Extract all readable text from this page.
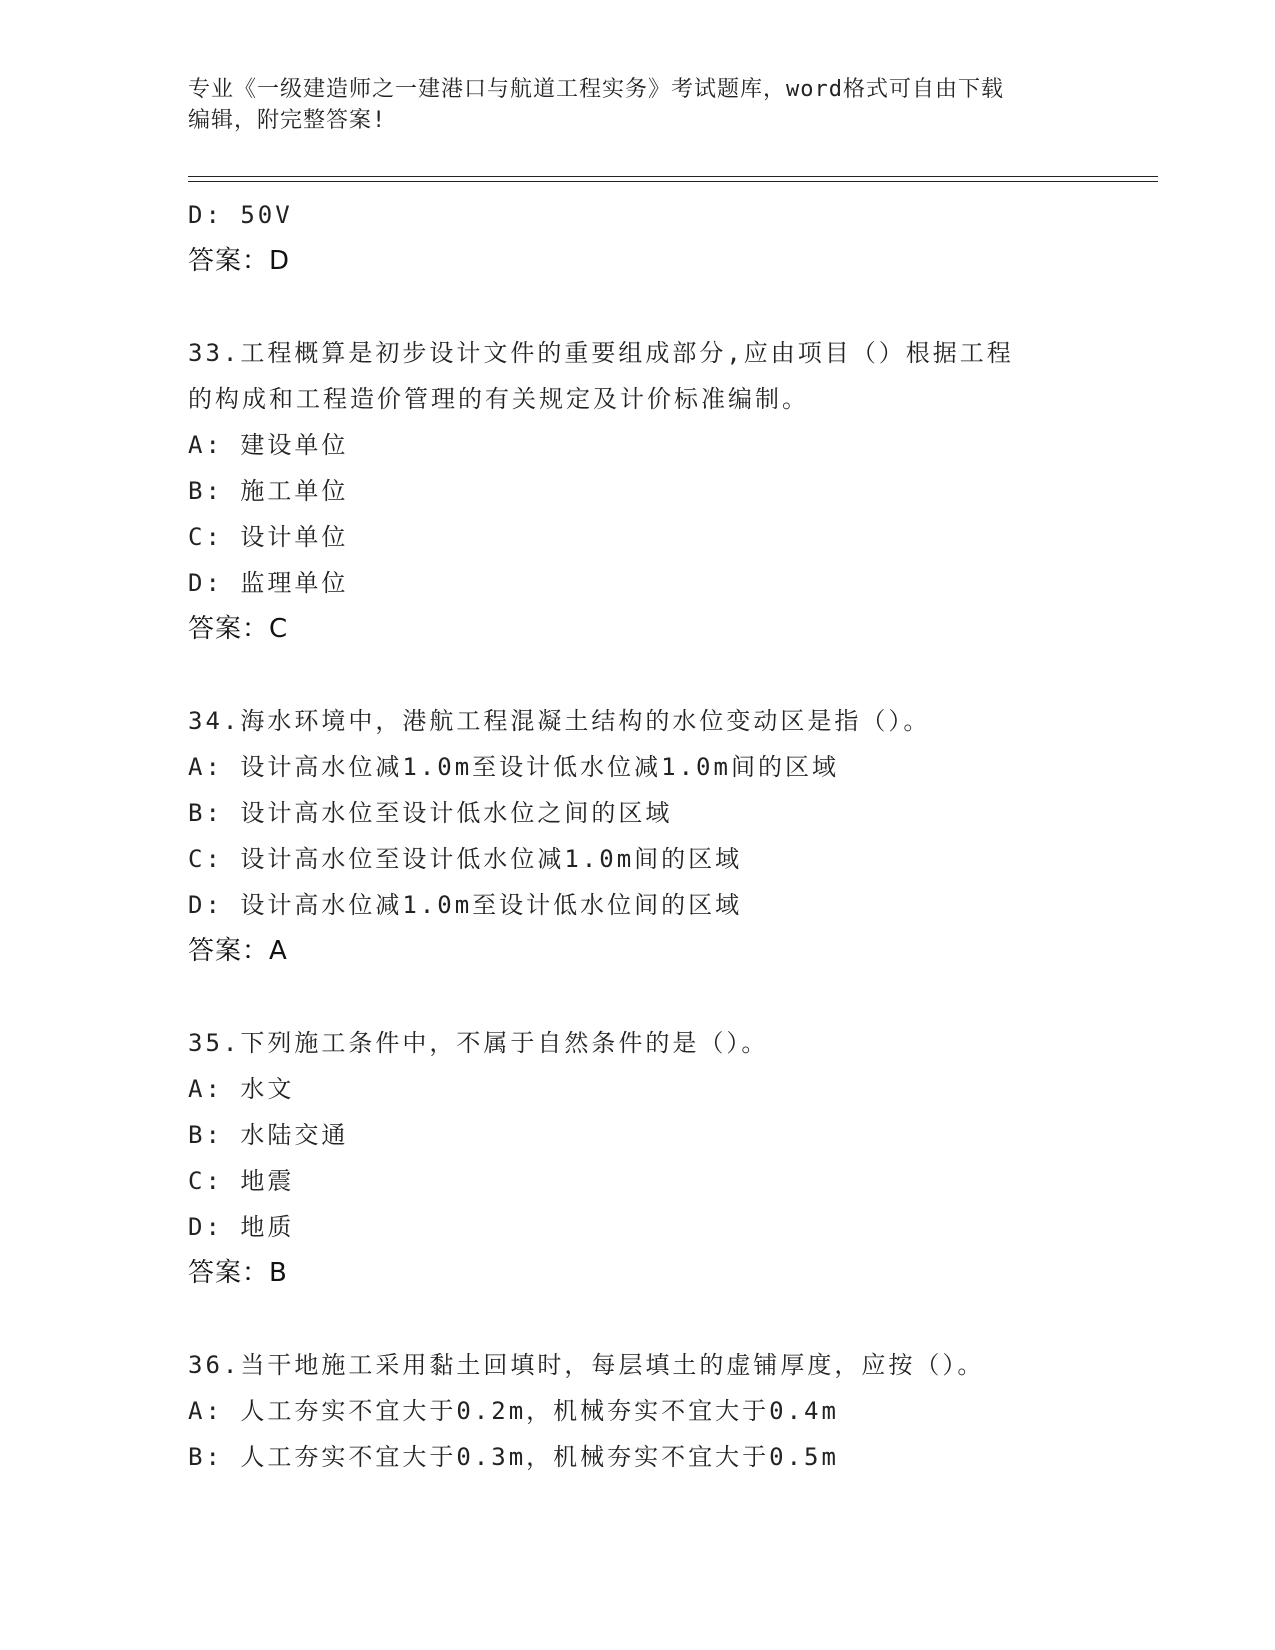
专业《一级建造师之一建港口与航道工程实务》考试题库，word格式可自由下载
编辑，附完整答案!
D: 50V
答案：D
33.工程概算是初步设计文件的重要组成部分,应由项目（）根据工程
的构成和工程造价管理的有关规定及计价标准编制。
A: 建设单位
B: 施工单位
C: 设计单位
D: 监理单位
答案：C
34.海水环境中，港航工程混凝土结构的水位变动区是指（）。
A: 设计高水位减1.0m至设计低水位减1.0m间的区域
B: 设计高水位至设计低水位之间的区域
C: 设计高水位至设计低水位减1.0m间的区域
D: 设计高水位减1.0m至设计低水位间的区域
答案：A
35.下列施工条件中，不属于自然条件的是（）。
A: 水文
B: 水陆交通
C: 地震
D: 地质
答案：B
36.当干地施工采用黏土回填时，每层填土的虚铺厚度，应按（）。
A: 人工夯实不宜大于0.2m，机械夯实不宜大于0.4m
B: 人工夯实不宜大于0.3m，机械夯实不宜大于0.5m
